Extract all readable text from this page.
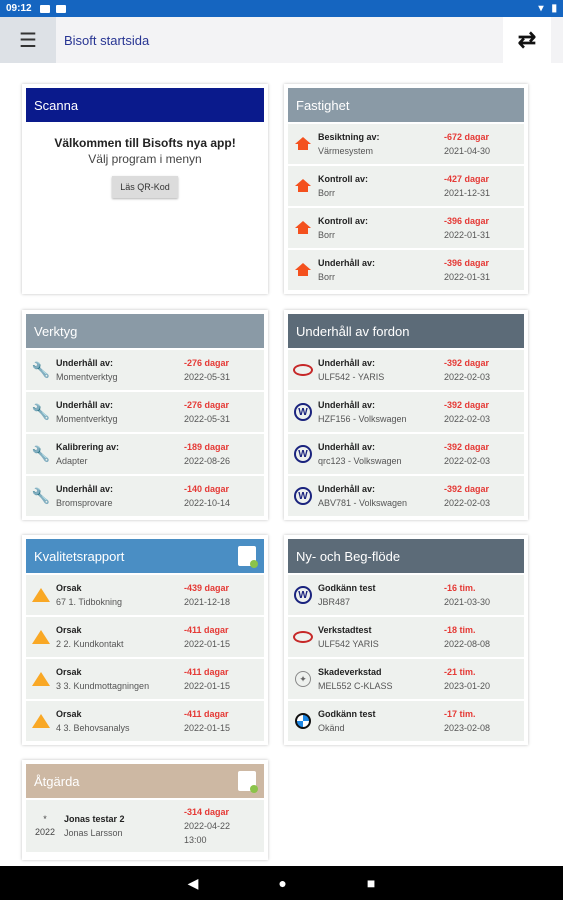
09:12	▾ ▮
☰	Bisoft startsida	⇄
Scanna
Välkommen till Bisofts nya app!
Välj program i menyn
Läs QR-Kod
Fastighet
Besiktning av:
Värmesystem
-672 dagar
2021-04-30
Kontroll av:
Borr
-427 dagar
2021-12-31
Kontroll av:
Borr
-396 dagar
2022-01-31
Underhåll av:
Borr
-396 dagar
2022-01-31
Verktyg
🔧 Underhåll av:
Momentverktyg
-276 dagar
2022-05-31
🔧 Underhåll av:
Momentverktyg
-276 dagar
2022-05-31
🔧 Kalibrering av:
Adapter
-189 dagar
2022-08-26
🔧 Underhåll av:
Bromsprovare
-140 dagar
2022-10-14
Underhåll av fordon
Underhåll av:
ULF542 - YARIS
-392 dagar
2022-02-03
W
Underhåll av:
HZF156 - Volkswagen
-392 dagar
2022-02-03
W
Underhåll av:
qrc123 - Volkswagen
-392 dagar
2022-02-03
W
Underhåll av:
ABV781 - Volkswagen
-392 dagar
2022-02-03
Kvalitetsrapport
Orsak
67 1. Tidbokning
-439 dagar
2021-12-18
Orsak
2 2. Kundkontakt
-411 dagar
2022-01-15
Orsak
3 3. Kundmottagningen
-411 dagar
2022-01-15
Orsak
4 3. Behovsanalys
-411 dagar
2022-01-15
Ny- och Beg-flöde
W
Godkänn test
JBR487
-16 tim.
2021-03-30
Verkstadtest
ULF542 YARIS
-18 tim.
2022-08-08
✦
Skadeverkstad
MEL552 C-KLASS
-21 tim.
2023-01-20
Godkänn test
Okänd
-17 tim.
2023-02-08
Åtgärda
*
2022
Jonas testar 2
Jonas Larsson
-314 dagar
2022-04-22
13:00
◀	●	■
